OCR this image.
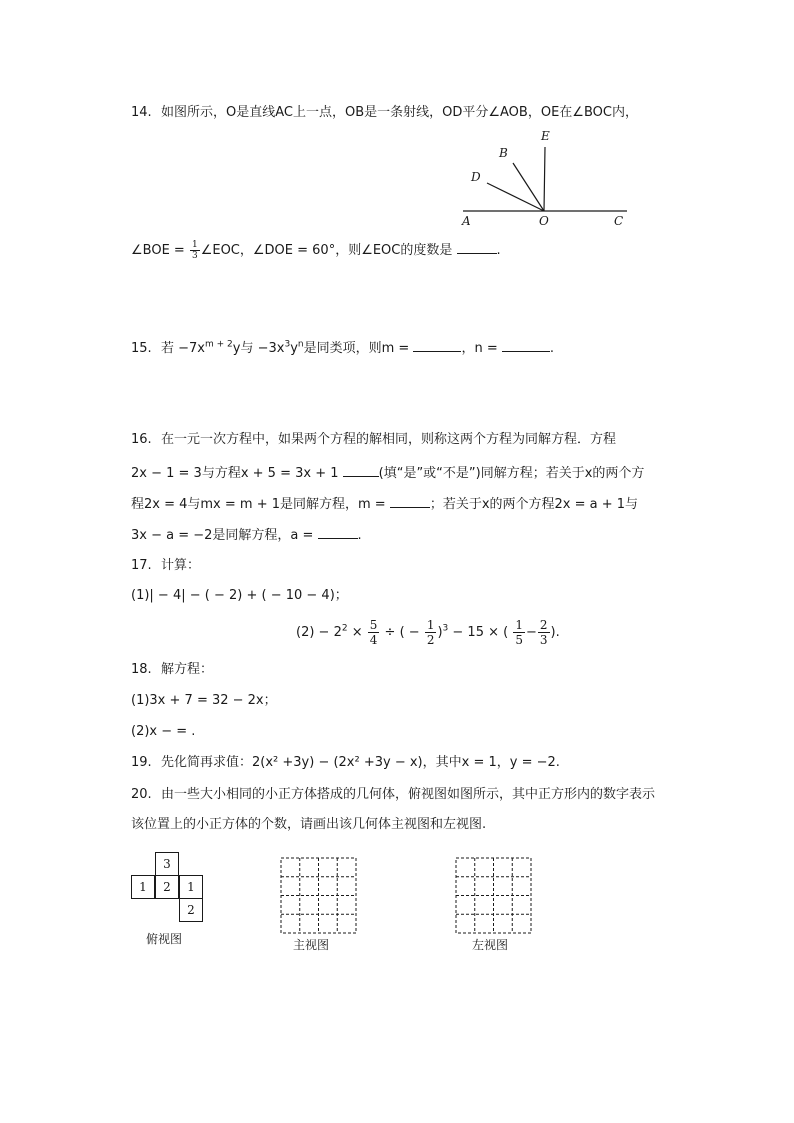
14. 如图所示，O是直线AC上一点，OB是一条射线，OD平分∠AOB，OE在∠BOC内，
E
B
D
A	O	C
∠BOE = $\frac{1}{3}$ ∠EOC，∠DOE = 60°，则∠EOC的度数是	.
15. 若 $-7x^{m + 2}y$与 $-3x^3y^n$是同类项，则m =	，n =	.
16. 在一元一次方程中，如果两个方程的解相同，则称这两个方程为同解方程．方程
2x − 1 = 3与方程x + 5 = 3x + 1	(填“是”或“不是”)同解方程；若关于x的两个方
程2x = 4与mx = m + 1是同解方程，m =	；若关于x的两个方程2x = a + 1与
3x − a = −2是同解方程，a =	.
17. 计算：
(1)| − 4| − ( − 2) + ( − 10 − 4)；
$(2) - 2^2 \times \frac{5}{4}$ ÷ ( − $\frac{1}{2} )^3 - 15$ × ( $\frac{1}{5} - \frac{2}{3}$ ).
18. 解方程：
(1)3x + 7 = 32 − 2x；
(2)x − = .
19. 先化简再求值：2(x² +3y) − (2x² +3y − x)，其中x = 1，y = −2.
20. 由一些大小相同的小正方体搭成的几何体，俯视图如图所示，其中正方形内的数字表示
该位置上的小正方体的个数，请画出该几何体主视图和左视图.
3
1	2	1
2
俯视图	主视图	左视图
